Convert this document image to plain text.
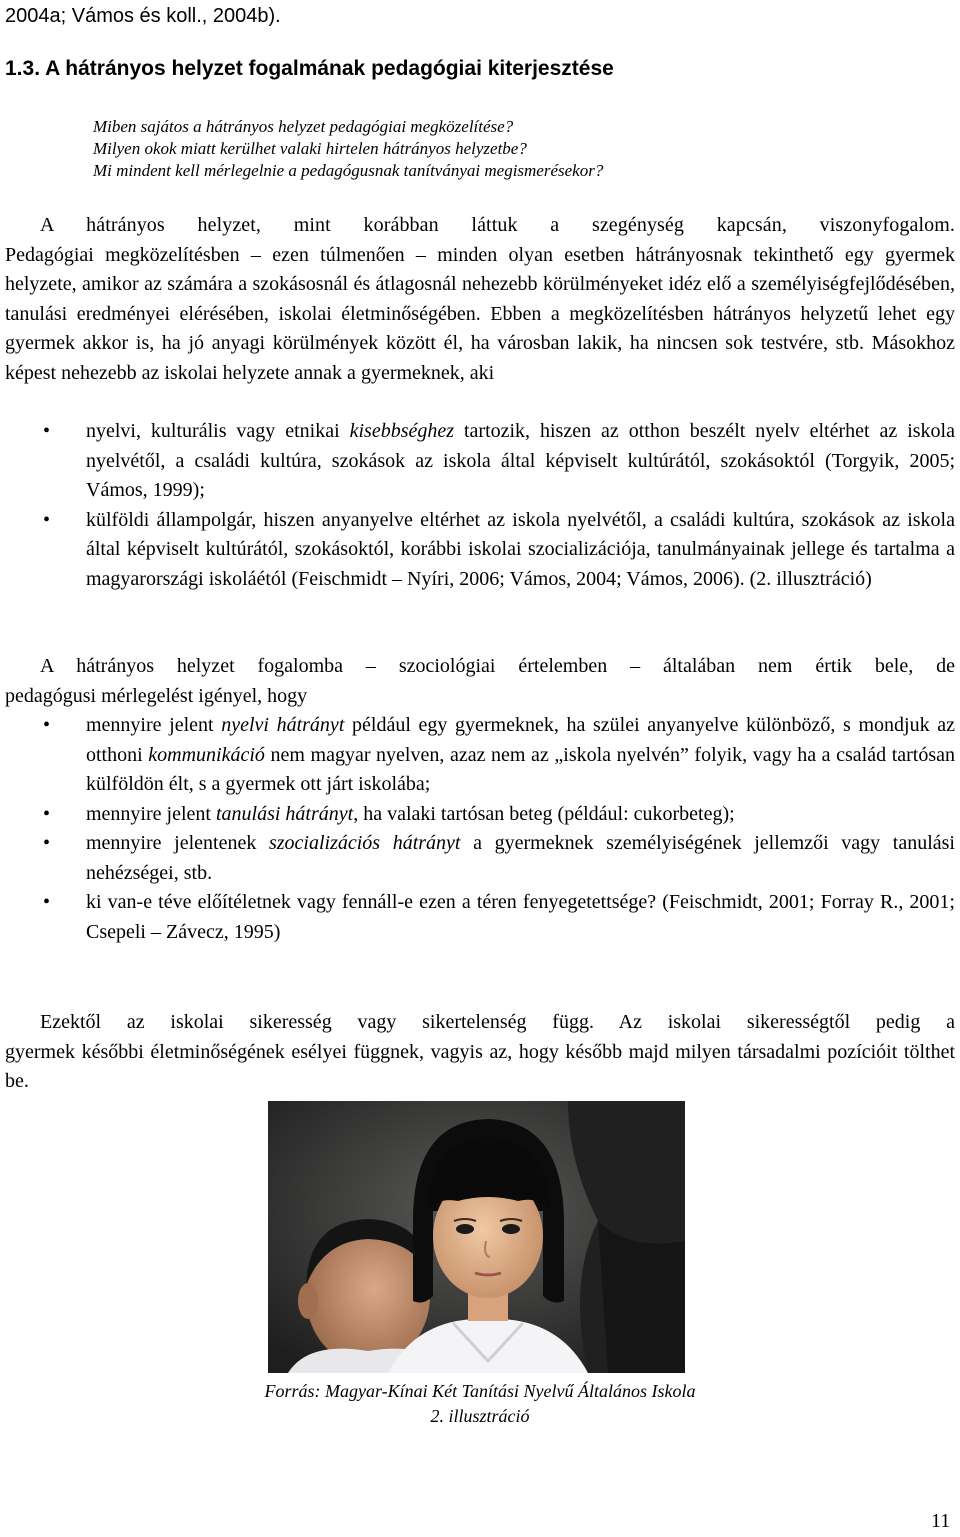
2004a; Vámos és koll., 2004b).
1.3. A hátrányos helyzet fogalmának pedagógiai kiterjesztése
Miben sajátos a hátrányos helyzet pedagógiai megközelítése?
Milyen okok miatt kerülhet valaki hirtelen hátrányos helyzetbe?
Mi mindent kell mérlegelnie a pedagógusnak tanítványai megismerésekor?
A hátrányos helyzet, mint korábban láttuk a szegénység kapcsán, viszonyfogalom.
Pedagógiai megközelítésben – ezen túlmenően – minden olyan esetben hátrányosnak tekinthető egy gyermek helyzete, amikor az számára a szokásosnál és átlagosnál nehezebb körülményeket idéz elő a személyiségfejlődésében, tanulási eredményei elérésében, iskolai életminőségében. Ebben a megközelítésben hátrányos helyzetű lehet egy gyermek akkor is, ha jó anyagi körülmények között él, ha városban lakik, ha nincsen sok testvére, stb. Másokhoz képest nehezebb az iskolai helyzete annak a gyermeknek, aki
• nyelvi, kulturális vagy etnikai kisebbséghez tartozik, hiszen az otthon beszélt nyelv eltérhet az iskola nyelvétől, a családi kultúra, szokások az iskola által képviselt kultúrától, szokásoktól (Torgyik, 2005; Vámos, 1999);
• külföldi állampolgár, hiszen anyanyelve eltérhet az iskola nyelvétől, a családi kultúra, szokások az iskola által képviselt kultúrától, szokásoktól, korábbi iskolai szocializációja, tanulmányainak jellege és tartalma a magyarországi iskoláétól (Feischmidt – Nyíri, 2006; Vámos, 2004; Vámos, 2006). (2. illusztráció)
A hátrányos helyzet fogalomba – szociológiai értelemben – általában nem értik bele, de
pedagógusi mérlegelést igényel, hogy
• mennyire jelent nyelvi hátrányt például egy gyermeknek, ha szülei anyanyelve különböző, s mondjuk az otthoni kommunikáció nem magyar nyelven, azaz nem az „iskola nyelvén” folyik, vagy ha a család tartósan külföldön élt, s a gyermek ott járt iskolába;
• mennyire jelent tanulási hátrányt, ha valaki tartósan beteg (például: cukorbeteg);
• mennyire jelentenek szocializációs hátrányt a gyermeknek személyiségének jellemzői vagy tanulási nehézségei, stb.
• ki van-e téve előítéletnek vagy fennáll-e ezen a téren fenyegetettsége? (Feischmidt, 2001; Forray R., 2001; Csepeli – Závecz, 1995)
Ezektől az iskolai sikeresség vagy sikertelenség függ. Az iskolai sikerességtől pedig a
gyermek későbbi életminőségének esélyei függnek, vagyis az, hogy később majd milyen társadalmi pozícióit tölthet be.
Forrás: Magyar-Kínai Két Tanítási Nyelvű Általános Iskola
2. illusztráció
11
